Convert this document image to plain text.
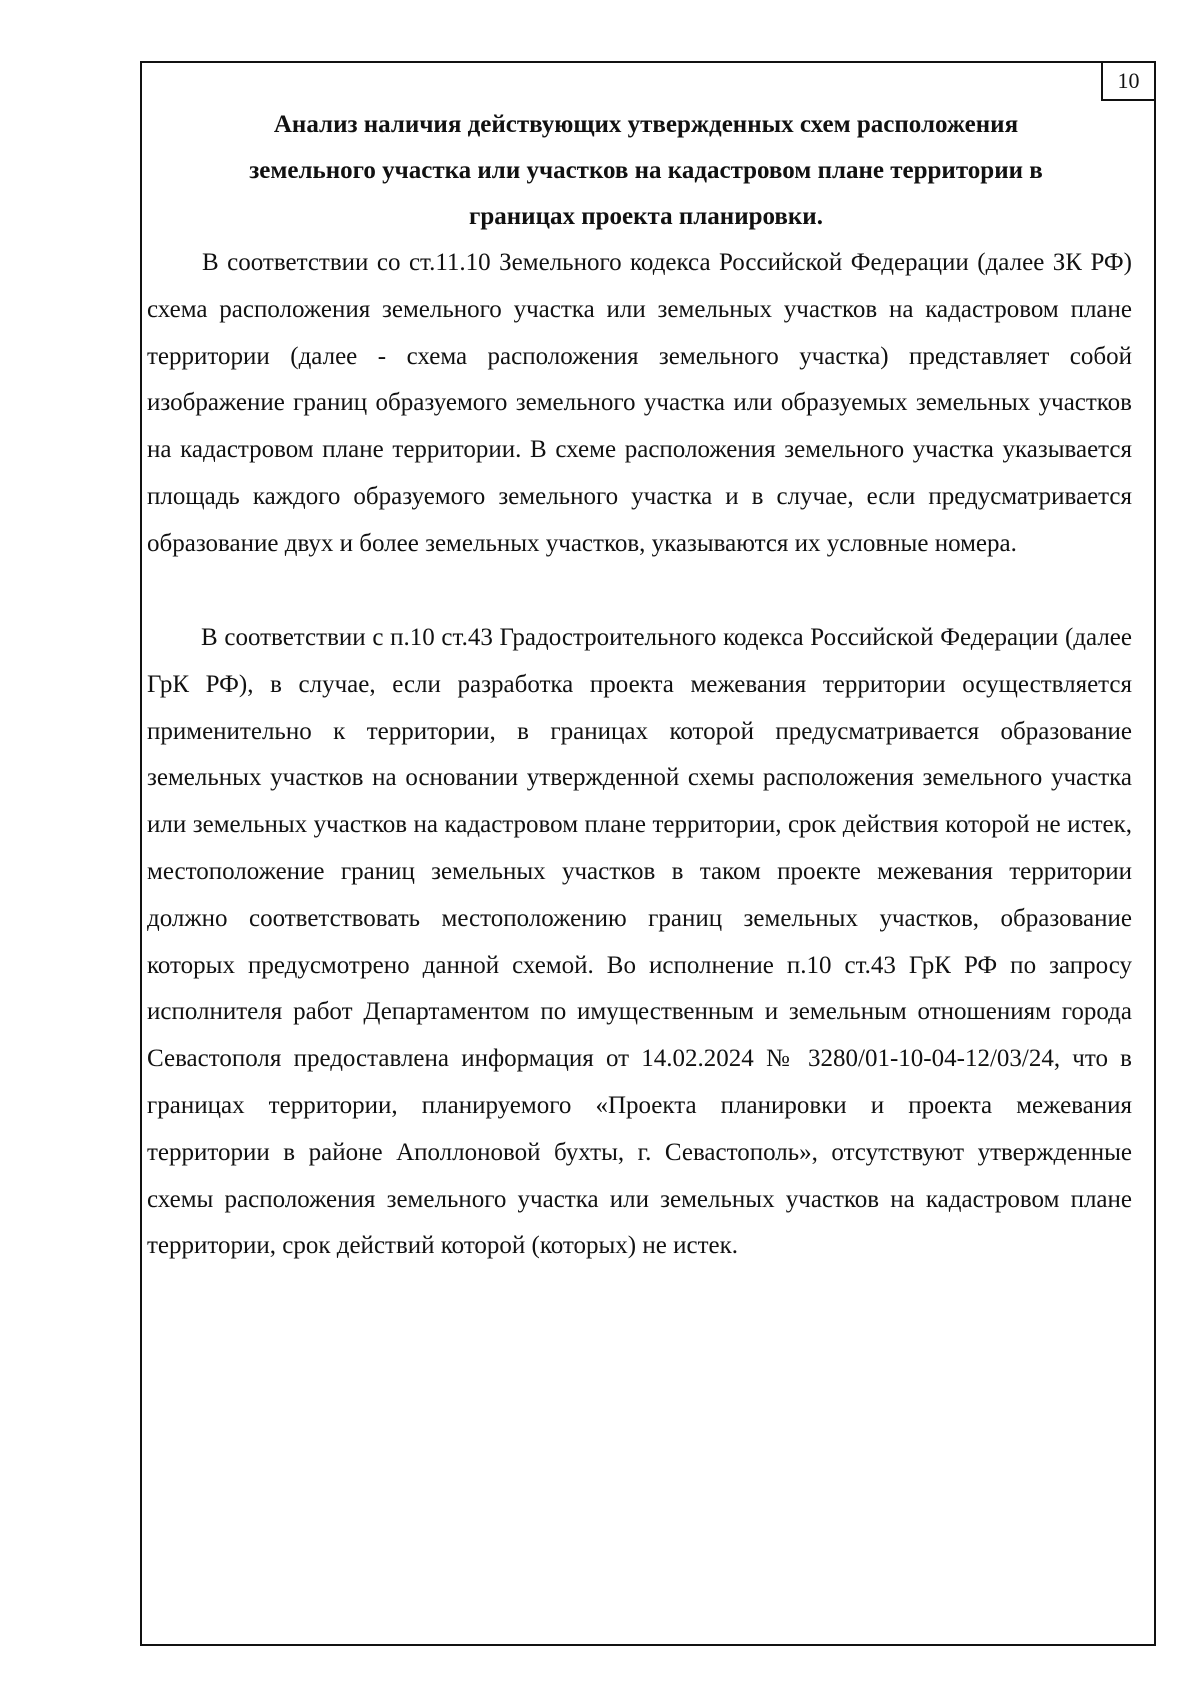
10
Анализ наличия действующих утвержденных схем расположения
земельного участка или участков на кадастровом плане территории в
границах проекта планировки.

В соответствии со ст.11.10 Земельного кодекса Российской Федерации (далее ЗК РФ) схема расположения земельного участка или земельных участков на кадастровом плане территории (далее - схема расположения земельного участка) представляет собой изображение границ образуемого земельного участка или образуемых земельных участков на кадастровом плане территории. В схеме расположения земельного участка указывается площадь каждого образуемого земельного участка и в случае, если предусматривается образование двух и более земельных участков, указываются их условные номера.

В соответствии с п.10 ст.43 Градостроительного кодекса Российской Федерации (далее ГрК РФ), в случае, если разработка проекта межевания территории осуществляется применительно к территории, в границах которой предусматривается образование земельных участков на основании утвержденной схемы расположения земельного участка или земельных участков на кадастровом плане территории, срок действия которой не истек, местоположение границ земельных участков в таком проекте межевания территории должно соответствовать местоположению границ земельных участков, образование которых предусмотрено данной схемой. Во исполнение п.10 ст.43 ГрК РФ по запросу исполнителя работ Департаментом по имущественным и земельным отношениям города Севастополя предоставлена информация от 14.02.2024 № 3280/01-10-04-12/03/24, что в границах территории, планируемого «Проекта планировки и проекта межевания территории в районе Аполлоновой бухты, г. Севастополь», отсутствуют утвержденные схемы расположения земельного участка или земельных участков на кадастровом плане территории, срок действий которой (которых) не истек.
